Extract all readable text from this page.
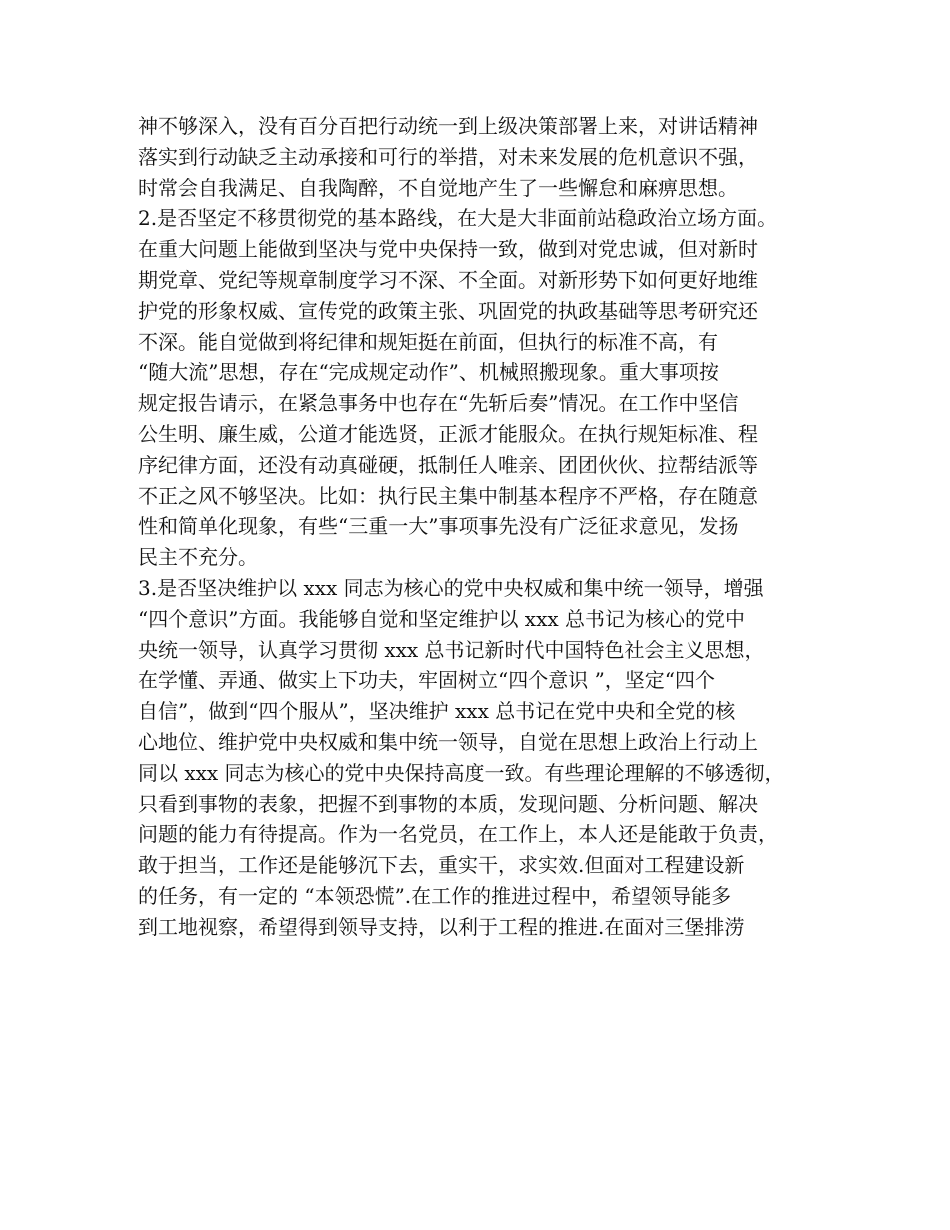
神不够深入，没有百分百把行动统一到上级决策部署上来，对讲话精神
落实到行动缺乏主动承接和可行的举措，对未来发展的危机意识不强，
时常会自我满足、自我陶醉，不自觉地产生了一些懈怠和麻痹思想。
2.是否坚定不移贯彻党的基本路线，在大是大非面前站稳政治立场方面。
在重大问题上能做到坚决与党中央保持一致，做到对党忠诚，但对新时
期党章、党纪等规章制度学习不深、不全面。对新形势下如何更好地维
护党的形象权威、宣传党的政策主张、巩固党的执政基础等思考研究还
不深。能自觉做到将纪律和规矩挺在前面，但执行的标准不高，有
“随大流”思想，存在“完成规定动作”、机械照搬现象。重大事项按
规定报告请示，在紧急事务中也存在“先斩后奏”情况。在工作中坚信
公生明、廉生威，公道才能选贤，正派才能服众。在执行规矩标准、程
序纪律方面，还没有动真碰硬，抵制任人唯亲、团团伙伙、拉帮结派等
不正之风不够坚决。比如：执行民主集中制基本程序不严格，存在随意
性和简单化现象，有些“三重一大”事项事先没有广泛征求意见，发扬
民主不充分。
3.是否坚决维护以 xxx 同志为核心的党中央权威和集中统一领导，增强
“四个意识”方面。我能够自觉和坚定维护以 xxx 总书记为核心的党中
央统一领导，认真学习贯彻 xxx 总书记新时代中国特色社会主义思想，
在学懂、弄通、做实上下功夫，牢固树立“四个意识 ”，坚定“四个
自信”，做到“四个服从”，坚决维护 xxx 总书记在党中央和全党的核
心地位、维护党中央权威和集中统一领导，自觉在思想上政治上行动上
同以 xxx 同志为核心的党中央保持高度一致。有些理论理解的不够透彻，
只看到事物的表象，把握不到事物的本质，发现问题、分析问题、解决
问题的能力有待提高。作为一名党员，在工作上，本人还是能敢于负责，
敢于担当，工作还是能够沉下去，重实干，求实效.但面对工程建设新
的任务，有一定的 “本领恐慌”.在工作的推进过程中，希望领导能多
到工地视察，希望得到领导支持，以利于工程的推进.在面对三堡排涝
